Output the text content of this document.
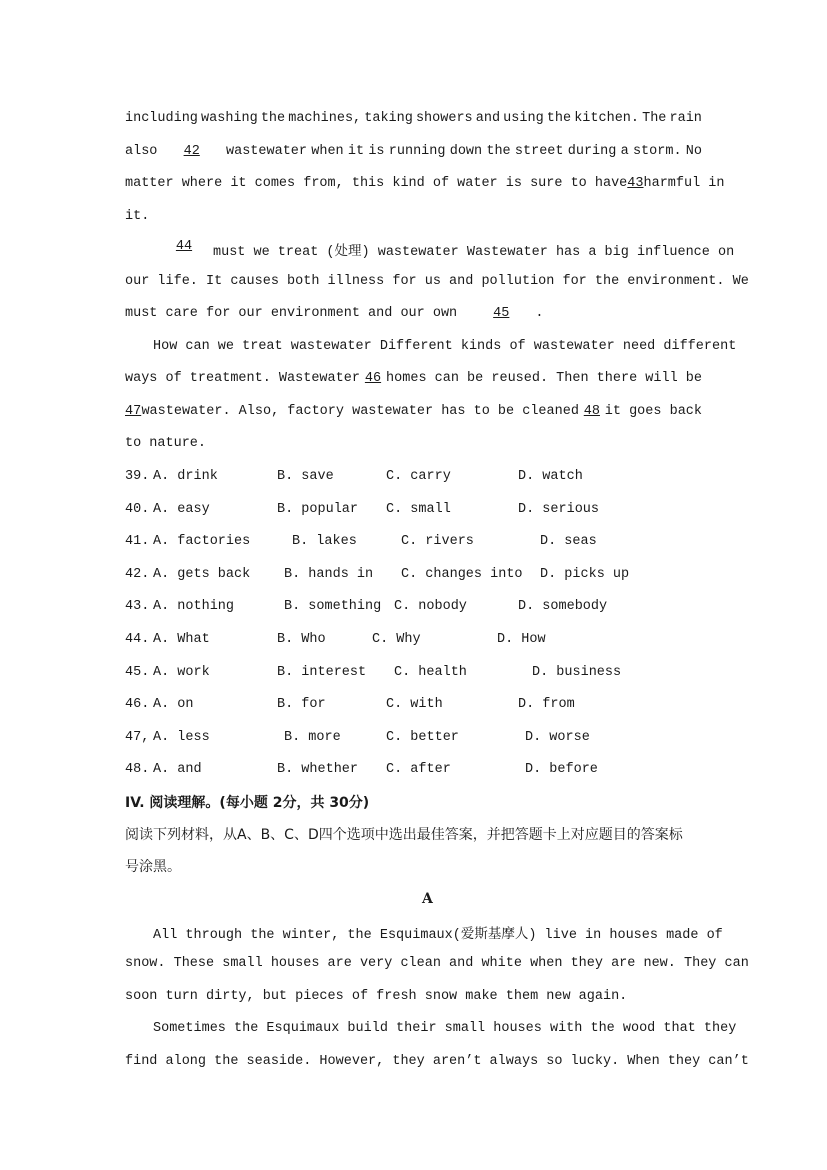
including washing the machines, taking showers and using the kitchen. The rain
also	42	wastewater when it is running down the street during a storm. No
matter where it comes from, this kind of water is sure to have 43 harmful in
it.
44	must we treat (处理) wastewater Wastewater has a big influence on
our life. It causes both illness for us and pollution for the environment. We
must care for our environment and our own	45 .
How can we treat wastewater Different kinds of wastewater need different
ways of treatment. Wastewater 46 homes can be reused. Then there will be
47 wastewater. Also, factory wastewater has to be cleaned 48 it goes back
to nature.
39. A. drink	B. save	C. carry	D. watch
40. A. easy	B. popular C. small	D. serious
41. A. factories	B. lakes	C. rivers	D. seas
42. A. gets back	B. hands in C. changes into D. picks up
43. A. nothing	B. something C. nobody	D. somebody
44. A. What	B. Who	C. Why	D. How
45. A. work	B. interest C. health	D. business
46. A. on	B. for	C. with	D. from
47, A. less	B. more	C. better	D. worse
48. A. and	B. whether C. after	D. before
IV. 阅读理解。(每小题 2分，共 30分)
阅读下列材料，从A、B、C、D四个选项中选出最佳答案，并把答题卡上对应题目的答案标
号涂黑。
A
All through the winter, the Esquimaux(爱斯基摩人) live in houses made of
snow. These small houses are very clean and white when they are new. They can
soon turn dirty, but pieces of fresh snow make them new again.
Sometimes the Esquimaux build their small houses with the wood that they
find along the seaside. However, they aren’t always so lucky. When they can’t
